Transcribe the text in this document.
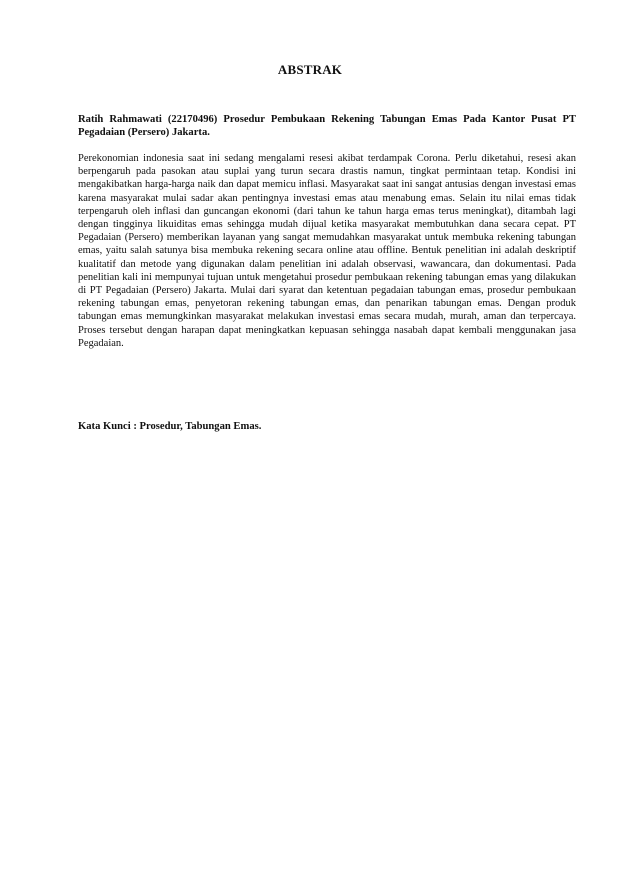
ABSTRAK
Ratih Rahmawati (22170496) Prosedur Pembukaan Rekening Tabungan Emas Pada Kantor Pusat PT Pegadaian (Persero) Jakarta.
Perekonomian indonesia saat ini sedang mengalami resesi akibat terdampak Corona. Perlu diketahui, resesi akan berpengaruh pada pasokan atau suplai yang turun secara drastis namun, tingkat permintaan tetap. Kondisi ini mengakibatkan harga-harga naik dan dapat memicu inflasi. Masyarakat saat ini sangat antusias dengan investasi emas karena masyarakat mulai sadar akan pentingnya investasi emas atau menabung emas. Selain itu nilai emas tidak terpengaruh oleh inflasi dan guncangan ekonomi (dari tahun ke tahun harga emas terus meningkat), ditambah lagi dengan tingginya likuiditas emas sehingga mudah dijual ketika masyarakat membutuhkan dana secara cepat. PT Pegadaian (Persero) memberikan layanan yang sangat memudahkan masyarakat untuk membuka rekening tabungan emas, yaitu salah satunya bisa membuka rekening secara online atau offline. Bentuk penelitian ini adalah deskriptif kualitatif dan metode yang digunakan dalam penelitian ini adalah observasi, wawancara, dan dokumentasi. Pada penelitian kali ini mempunyai tujuan untuk mengetahui prosedur pembukaan rekening tabungan emas yang dilakukan di PT Pegadaian (Persero) Jakarta. Mulai dari syarat dan ketentuan pegadaian tabungan emas, prosedur pembukaan rekening tabungan emas, penyetoran rekening tabungan emas, dan penarikan tabungan emas. Dengan produk tabungan emas memungkinkan masyarakat melakukan investasi emas secara mudah, murah, aman dan terpercaya. Proses tersebut dengan harapan dapat meningkatkan kepuasan sehingga nasabah dapat kembali menggunakan jasa Pegadaian.
Kata Kunci : Prosedur, Tabungan Emas.
